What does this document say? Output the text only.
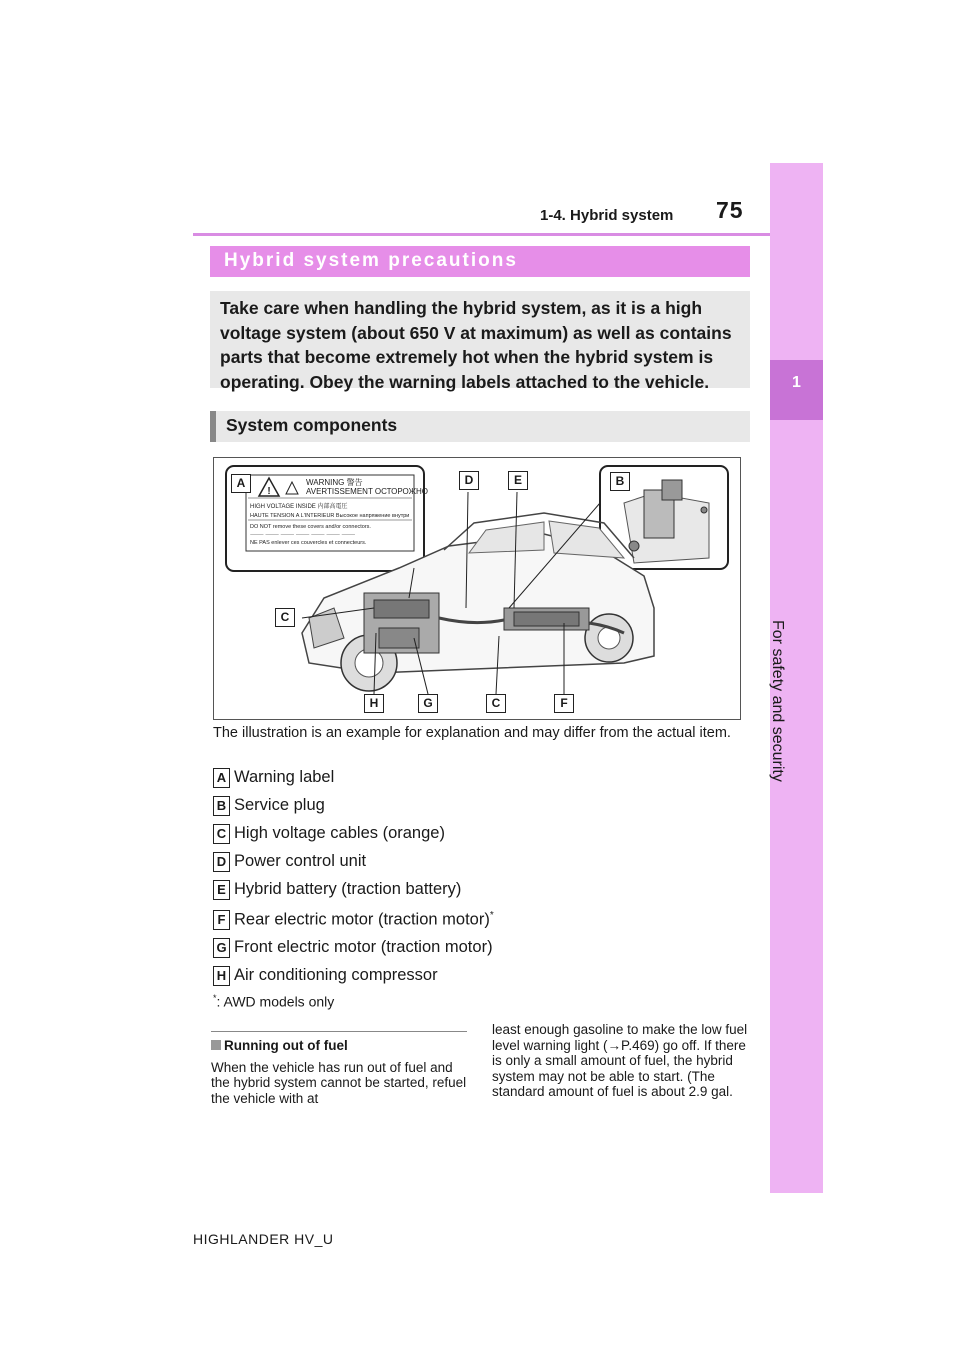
1
For safety and security
1-4. Hybrid system 75
Hybrid system precautions

Take care when handling the hybrid system, as it is a high voltage system (about 650 V at maximum) as well as contains parts that become extremely hot when the hybrid system is operating. Obey the warning labels attached to the vehicle.

System components
!
WARNING 警告
AVERTISSEMENT ОСТОРОЖНО
HIGH VOLTAGE INSIDE 内部高電圧
HAUTE TENSION A L'INTERIEUR Высокое напряжение внутри
DO NOT remove these covers and/or connectors.
⸻ ⸻ ⸻ ⸻ ⸻ ⸻ ⸻
NE PAS enlever ces couvercles et connecteurs.
A	B
C
D	E
H	G	C	F
The illustration is an example for explanation and may differ from the actual item.
A Warning label
B Service plug
C High voltage cables (orange)
D Power control unit
E Hybrid battery (traction battery)
F Rear electric motor (traction motor)*
G Front electric motor (traction motor)
H Air conditioning compressor
*: AWD models only
Running out of fuel

When the vehicle has run out of fuel and the hybrid system cannot be started, refuel the vehicle with at

least enough gasoline to make the low fuel level warning light (→P.469) go off. If there is only a small amount of fuel, the hybrid system may not be able to start. (The standard amount of fuel is about 2.9 gal.

HIGHLANDER HV_U
